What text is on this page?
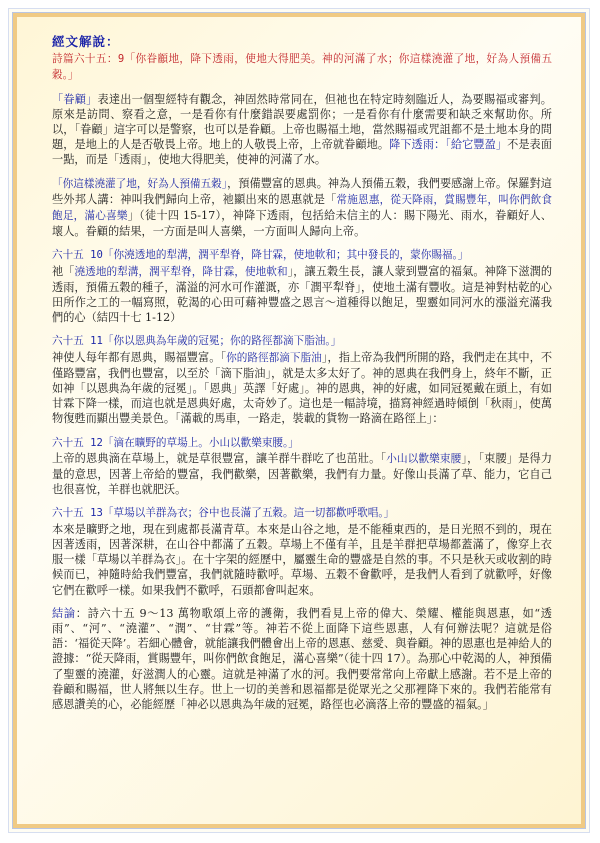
經文解說：

詩篇六十五：9「你眷顧地，降下透雨，使地大得肥美。神的河滿了水；你這樣澆灌了地，好為人預備五穀。」

「眷顧」表達出一個聖經特有觀念，神固然時常同在，但祂也在特定時刻臨近人，為要賜福或審判。原來是訪問、察看之意，一是看你有什麼錯誤要處罰你；一是看你有什麼需要和缺乏來幫助你。所以，「眷顧」這字可以是警察，也可以是眷顧。上帝也賜福土地，當然賜福或咒詛都不是土地本身的問題，是地上的人是否敬畏上帝。地上的人敬畏上帝，上帝就眷顧地。降下透雨：「給它豐盈」不是表面一點，而是「透雨」，使地大得肥美，使神的河滿了水。

「你這樣澆灌了地，好為人預備五穀」，預備豐富的恩典。神為人預備五穀，我們要感謝上帝。保羅對這些外邦人講：神叫我們歸向上帝，祂顯出來的恩惠就是「常施恩惠，從天降雨，賞賜豐年，叫你們飲食飽足，滿心喜樂」（徒十四 15-17），神降下透雨，包括給未信主的人：賜下陽光、雨水，眷顧好人、壞人。眷顧的結果，一方面是叫人喜樂，一方面叫人歸向上帝。

六十五 10「你澆透地的犁溝，潤平犁脊，降甘霖，使地軟和；其中發長的，蒙你賜福。」
祂「澆透地的犁溝，潤平犁脊，降甘霖，使地軟和」，讓五穀生長，讓人蒙到豐富的福氣。神降下滋潤的透雨，預備五穀的種子，滿溢的河水可作灌溉，亦「潤平犁脊」，使地土滿有豐收。這是神對枯乾的心田所作之工的一幅寫照，乾渴的心田可藉神豐盛之恩言～道種得以飽足，聖靈如同河水的漲溢充滿我們的心（結四十七 1-12）

六十五 11「你以恩典為年歲的冠冕；你的路徑都滴下脂油。」
神使人每年都有恩典，賜福豐富。「你的路徑都滴下脂油」，指上帝為我們所開的路，我們走在其中，不僅路豐富，我們也豐富，以至於「滴下脂油」，就是太多太好了。神的恩典在我們身上，終年不斷，正如神「以恩典為年歲的冠冕」。「恩典」英譯「好處」。神的恩典，神的好處，如同冠冕戴在頭上，有如甘霖下降一樣，而這也就是恩典好處，太奇妙了。這也是一幅詩境，描寫神經過時傾倒「秋雨」，使萬物復甦而顯出豐美景色。「滿載的馬車，一路走，裝載的貨物一路滴在路徑上」：

六十五 12「滴在曠野的草場上。小山以歡樂束腰。」
上帝的恩典滴在草場上，就是草很豐富，讓羊群牛群吃了也茁壯。「小山以歡樂束腰」，「束腰」是得力量的意思，因著上帝給的豐富，我們歡樂，因著歡樂，我們有力量。好像山長滿了草、能力，它自己也很喜悅，羊群也就肥沃。

六十五 13「草場以羊群為衣；谷中也長滿了五穀。這一切都歡呼歌唱。」
本來是曠野之地，現在到處都長滿青草。本來是山谷之地，是不能種東西的，是日光照不到的，現在因著透雨，因著深耕，在山谷中都滿了五穀。草場上不僅有羊，且是羊群把草場都蓋滿了，像穿上衣服一樣「草場以羊群為衣」。在十字架的經歷中，屬靈生命的豐盛是自然的事。不只是秋天或收割的時候而已，神隨時給我們豐富，我們就隨時歡呼。草場、五穀不會歡呼，是我們人看到了就歡呼，好像它們在歡呼一樣。如果我們不歡呼，石頭都會叫起來。

結論：詩六十五 9～13 萬物歌頌上帝的護衛，我們看見上帝的偉大、榮耀、權能與恩惠，如“透雨”、“河”、“澆灌”、“潤”、“甘霖”等。神若不從上面降下這些恩惠，人有何辦法呢？這就是俗語：‘福從天降’。若細心體會，就能讓我們體會出上帝的恩惠、慈愛、與眷顧。神的恩惠也是神給人的證據：“從天降雨，賞賜豐年，叫你們飲食飽足，滿心喜樂”（徒十四 17）。為那心中乾渴的人，神預備了聖靈的澆灌，好滋潤人的心靈。這就是神滿了水的河。我們要常常向上帝獻上感謝。若不是上帝的眷顧和賜福，世人將無以生存。世上一切的美善和恩福都是從眾光之父那裡降下來的。我們若能常有感恩讚美的心，必能經歷「神必以恩典為年歲的冠冕，路徑也必滴落上帝的豐盛的福氣。」
